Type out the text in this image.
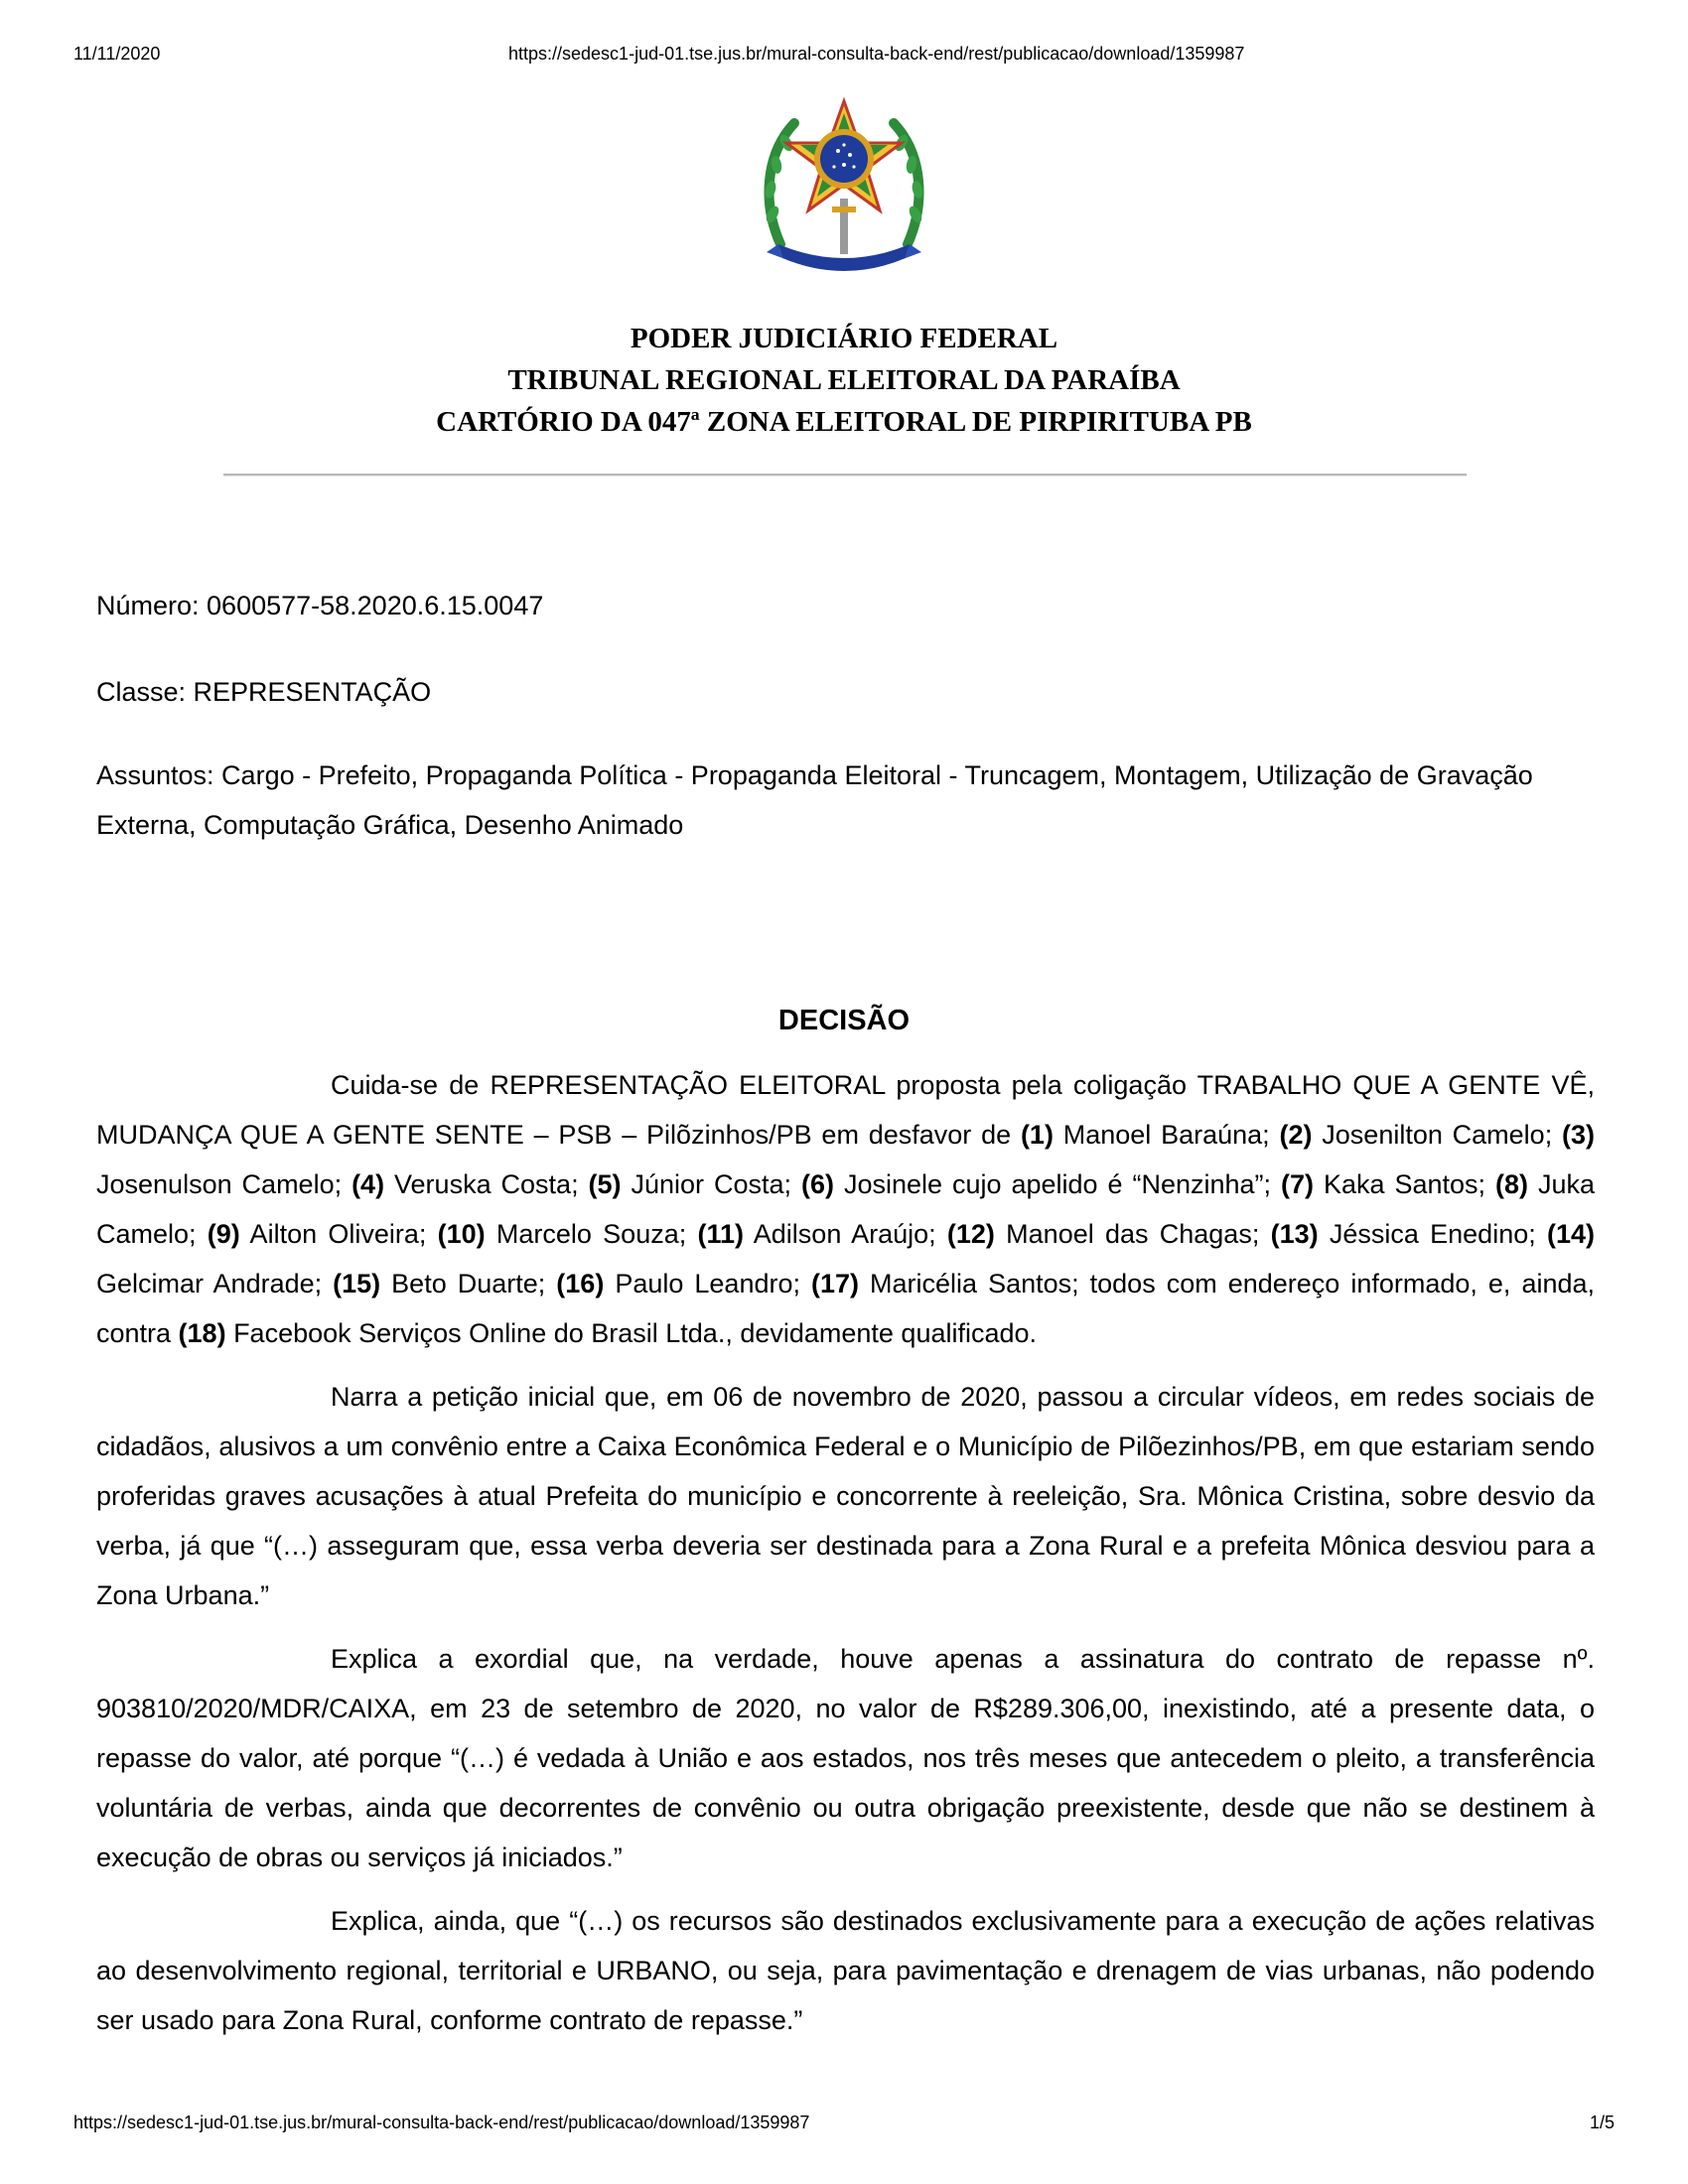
11/11/2020	https://sedesc1-jud-01.tse.jus.br/mural-consulta-back-end/rest/publicacao/download/1359987
PODER JUDICIÁRIO FEDERAL
TRIBUNAL REGIONAL ELEITORAL DA PARAÍBA
CARTÓRIO DA 047ª ZONA ELEITORAL DE PIRPIRITUBA PB
Número: 0600577-58.2020.6.15.0047
Classe: REPRESENTAÇÃO
Assuntos: Cargo - Prefeito, Propaganda Política - Propaganda Eleitoral - Truncagem, Montagem, Utilização de Gravação Externa, Computação Gráfica, Desenho Animado
DECISÃO

Cuida-se de REPRESENTAÇÃO ELEITORAL proposta pela coligação TRABALHO QUE A GENTE VÊ, MUDANÇA QUE A GENTE SENTE – PSB – Pilõzinhos/PB em desfavor de (1) Manoel Baraúna; (2) Josenilton Camelo; (3) Josenulson Camelo; (4) Veruska Costa; (5) Júnior Costa; (6) Josinele cujo apelido é “Nenzinha”; (7) Kaka Santos; (8) Juka Camelo; (9) Ailton Oliveira; (10) Marcelo Souza; (11) Adilson Araújo; (12) Manoel das Chagas; (13) Jéssica Enedino; (14) Gelcimar Andrade; (15) Beto Duarte; (16) Paulo Leandro; (17) Maricélia Santos; todos com endereço informado, e, ainda, contra (18) Facebook Serviços Online do Brasil Ltda., devidamente qualificado.

Narra a petição inicial que, em 06 de novembro de 2020, passou a circular vídeos, em redes sociais de cidadãos, alusivos a um convênio entre a Caixa Econômica Federal e o Município de Pilõezinhos/PB, em que estariam sendo proferidas graves acusações à atual Prefeita do município e concorrente à reeleição, Sra. Mônica Cristina, sobre desvio da verba, já que “(…) asseguram que, essa verba deveria ser destinada para a Zona Rural e a prefeita Mônica desviou para a Zona Urbana.”

Explica a exordial que, na verdade, houve apenas a assinatura do contrato de repasse nº. 903810/2020/MDR/CAIXA, em 23 de setembro de 2020, no valor de R$289.306,00, inexistindo, até a presente data, o repasse do valor, até porque “(…) é vedada à União e aos estados, nos três meses que antecedem o pleito, a transferência voluntária de verbas, ainda que decorrentes de convênio ou outra obrigação preexistente, desde que não se destinem à execução de obras ou serviços já iniciados.”

Explica, ainda, que “(…) os recursos são destinados exclusivamente para a execução de ações relativas ao desenvolvimento regional, territorial e URBANO, ou seja, para pavimentação e drenagem de vias urbanas, não podendo ser usado para Zona Rural, conforme contrato de repasse.”

https://sedesc1-jud-01.tse.jus.br/mural-consulta-back-end/rest/publicacao/download/1359987	1/5
